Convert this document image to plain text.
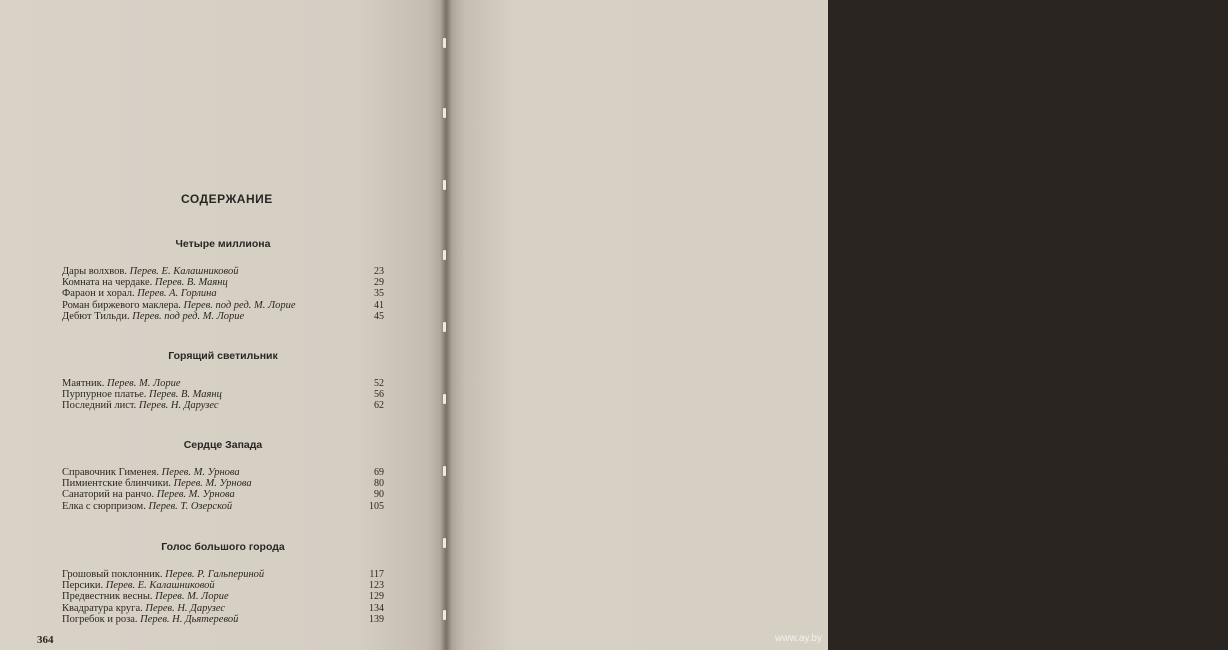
СОДЕРЖАНИЕ
Четыре миллиона
Дары волхвов. Перев. Е. Калашниковой	23
Комната на чердаке. Перев. В. Маянц	29
Фараон и хорал. Перев. А. Горлина	35
Роман биржевого маклера. Перев. под ред. М. Лорие	41
Дебют Тильди. Перев. под ред. М. Лорие	45
Горящий светильник
Маятник. Перев. М. Лорие	52
Пурпурное платье. Перев. В. Маянц	56
Последний лист. Перев. Н. Дарузес	62
Сердце Запада
Справочник Гименея. Перев. М. Урнова	69
Пимиентские блинчики. Перев. М. Урнова	80
Санаторий на ранчо. Перев. М. Урнова	90
Елка с сюрпризом. Перев. Т. Озерской	105
Голос большого города
Грошовый поклонник. Перев. Р. Гальпериной	117
Персики. Перев. Е. Калашниковой	123
Предвестник весны. Перев. М. Лорие	129
Квадратура круга. Перев. Н. Дарузес	134
Погребок и роза. Перев. Н. Дьятеревой	139
364
Благородный жулик
(Перев. К. Чуковского)
Джефф Питерс как персональный магнит	145
Трест, который лопнул	152
Кафедра филантроматематики	159
Стриженый волк	167
Совесть в искусстве	173
Поросячья этика	180
Дороги судьбы
Волшебный профиль. Перев. Н. Дарузес	190
Гнусный обманщик. Перев. под ред. М. Лорие	197
Обращение Джимми Валентайна. Перев. Н. Дарузес	209
Друзья из Сан-Розарио. Перев. Е. Калашниковой	216
На выбор
Третий ингредиент. Перев. М. Лорие	233
Как скрывался черный Билл. Перев. Т. Озерской	245
Без вымысла. Перев. Г. Конюшкова	258
Деловые люди
Младенцы в джунглях Перев. Е. Калашниковой	268
Город без происшествий. Перев. под ред. Н. Кашкина	274
Коловращение
Вождь краснокожих. Перев. Н. Дарузес	291
Формальная ошибка. Перев. Н. Гуровой	302
Дороги, которые мы выбираем. Перев. Н. Дарузес	308
Всего понемножку
313
Чародейные хлебцы. Перев. Н. Волжиной	317
Улисс и собачник. Перев. Т. Озерской	323
Родственные души. Перев. Т. Озерской	328
Джимми Хейз и Мьюриэл. Перев. М. Лорие	336
365
www.ay.by
